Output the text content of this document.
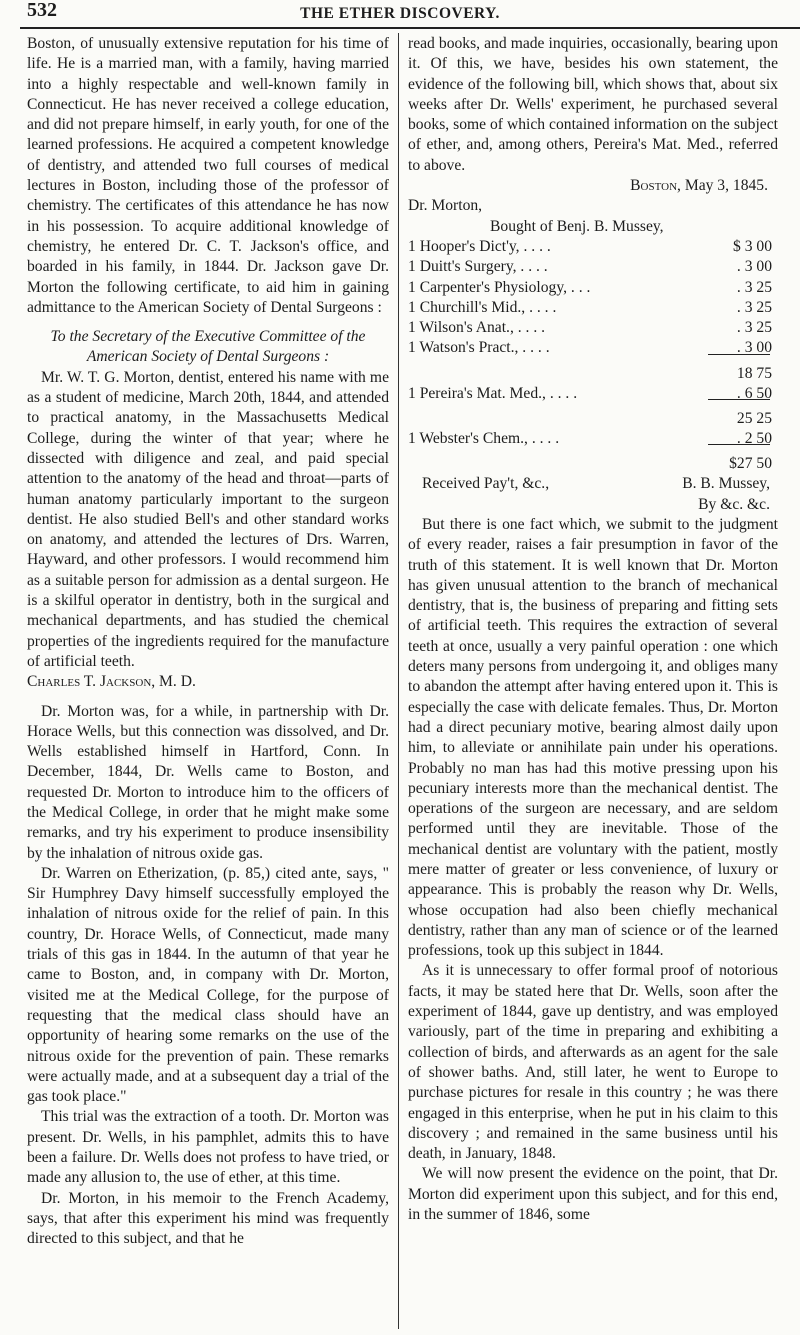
532	THE ETHER DISCOVERY.

Boston, of unusually extensive reputation for his time of life. He is a married man, with a family, having married into a highly respectable and well-known family in Connecticut. He has never received a college education, and did not prepare himself, in early youth, for one of the learned professions. He acquired a competent knowledge of dentistry, and attended two full courses of medical lectures in Boston, including those of the professor of chemistry. The certificates of this attendance he has now in his possession. To acquire additional knowledge of chemistry, he entered Dr. C. T. Jackson's office, and boarded in his family, in 1844. Dr. Jackson gave Dr. Morton the following certificate, to aid him in gaining admittance to the American Society of Dental Surgeons :

To the Secretary of the Executive Committee of the American Society of Dental Surgeons :

Mr. W. T. G. Morton, dentist, entered his name with me as a student of medicine, March 20th, 1844, and attended to practical anatomy, in the Massachusetts Medical College, during the winter of that year; where he dissected with diligence and zeal, and paid special attention to the anatomy of the head and throat—parts of human anatomy particularly important to the surgeon dentist. He also studied Bell's and other standard works on anatomy, and attended the lectures of Drs. Warren, Hayward, and other professors. I would recommend him as a suitable person for admission as a dental surgeon. He is a skilful operator in dentistry, both in the surgical and mechanical departments, and has studied the chemical properties of the ingredients required for the manufacture of artificial teeth.

Charles T. Jackson, M. D.

Dr. Morton was, for a while, in partnership with Dr. Horace Wells, but this connection was dissolved, and Dr. Wells established himself in Hartford, Conn. In December, 1844, Dr. Wells came to Boston, and requested Dr. Morton to introduce him to the officers of the Medical College, in order that he might make some remarks, and try his experiment to produce insensibility by the inhalation of nitrous oxide gas.

Dr. Warren on Etherization, (p. 85,) cited ante, says, " Sir Humphrey Davy himself successfully employed the inhalation of nitrous oxide for the relief of pain. In this country, Dr. Horace Wells, of Connecticut, made many trials of this gas in 1844. In the autumn of that year he came to Boston, and, in company with Dr. Morton, visited me at the Medical College, for the purpose of requesting that the medical class should have an opportunity of hearing some remarks on the use of the nitrous oxide for the prevention of pain. These remarks were actually made, and at a subsequent day a trial of the gas took place."

This trial was the extraction of a tooth. Dr. Morton was present. Dr. Wells, in his pamphlet, admits this to have been a failure. Dr. Wells does not profess to have tried, or made any allusion to, the use of ether, at this time.

Dr. Morton, in his memoir to the French Academy, says, that after this experiment his mind was frequently directed to this subject, and that he

read books, and made inquiries, occasionally, bearing upon it. Of this, we have, besides his own statement, the evidence of the following bill, which shows that, about six weeks after Dr. Wells' experiment, he purchased several books, some of which contained information on the subject of ether, and, among others, Pereira's Mat. Med., referred to above.

Boston, May 3, 1845.

Dr. Morton,

Bought of Benj. B. Mussey,

1 Hooper's Dict'y, . . . .	$ 3 00
1 Duitt's Surgery, . . . .	. 3 00
1 Carpenter's Physiology, . . .	. 3 25
1 Churchill's Mid., . . . .	. 3 25
1 Wilson's Anat., . . . .	. 3 25
1 Watson's Pract., . . . .	. 3 00
18 75
1 Pereira's Mat. Med., . . . .	. 6 50
25 25
1 Webster's Chem., . . . .	. 2 50
$27 50
Received Pay't, &c.,	B. B. Mussey,

By &c. &c.

But there is one fact which, we submit to the judgment of every reader, raises a fair presumption in favor of the truth of this statement. It is well known that Dr. Morton has given unusual attention to the branch of mechanical dentistry, that is, the business of preparing and fitting sets of artificial teeth. This requires the extraction of several teeth at once, usually a very painful operation : one which deters many persons from undergoing it, and obliges many to abandon the attempt after having entered upon it. This is especially the case with delicate females. Thus, Dr. Morton had a direct pecuniary motive, bearing almost daily upon him, to alleviate or annihilate pain under his operations. Probably no man has had this motive pressing upon his pecuniary interests more than the mechanical dentist. The operations of the surgeon are necessary, and are seldom performed until they are inevitable. Those of the mechanical dentist are voluntary with the patient, mostly mere matter of greater or less convenience, of luxury or appearance. This is probably the reason why Dr. Wells, whose occupation had also been chiefly mechanical dentistry, rather than any man of science or of the learned professions, took up this subject in 1844.

As it is unnecessary to offer formal proof of notorious facts, it may be stated here that Dr. Wells, soon after the experiment of 1844, gave up dentistry, and was employed variously, part of the time in preparing and exhibiting a collection of birds, and afterwards as an agent for the sale of shower baths. And, still later, he went to Europe to purchase pictures for resale in this country ; he was there engaged in this enterprise, when he put in his claim to this discovery ; and remained in the same business until his death, in January, 1848.

We will now present the evidence on the point, that Dr. Morton did experiment upon this subject, and for this end, in the summer of 1846, some
